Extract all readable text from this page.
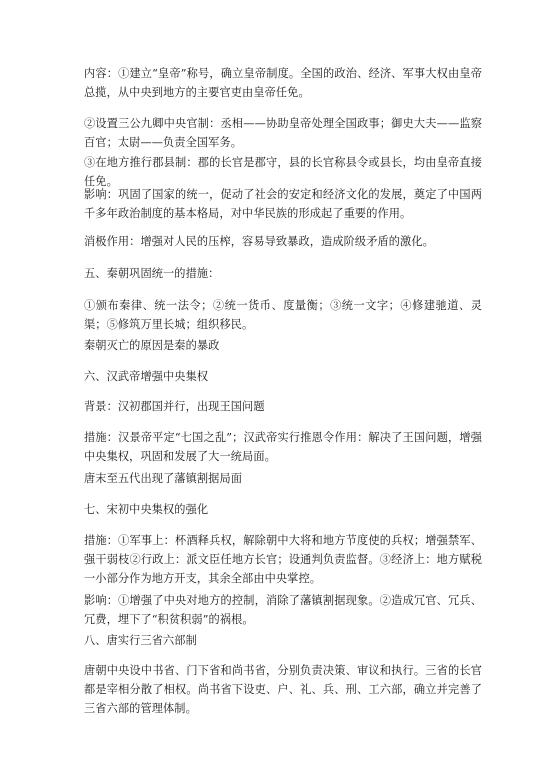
内容：①建立“皇帝”称号，确立皇帝制度。全国的政治、经济、军事大权由皇帝总揽，从中央到地方的主要官吏由皇帝任免。

②设置三公九卿中央官制：丞相——协助皇帝处理全国政事；御史大夫——监察百官；太尉——负责全国军务。

③在地方推行郡县制：郡的长官是郡守，县的长官称县令或县长，均由皇帝直接任免。

影响：巩固了国家的统一，促动了社会的安定和经济文化的发展，奠定了中国两千多年政治制度的基本格局，对中华民族的形成起了重要的作用。

消极作用：增强对人民的压榨，容易导致暴政，造成阶级矛盾的激化。

五、秦朝巩固统一的措施：

①颁布秦律、统一法令；②统一货币、度量衡；③统一文字；④修建驰道、灵渠；⑤修筑万里长城；组织移民。

秦朝灭亡的原因是秦的暴政

六、汉武帝增强中央集权

背景：汉初郡国并行，出现王国问题

措施：汉景帝平定“七国之乱”；汉武帝实行推恩令作用：解决了王国问题，增强中央集权，巩固和发展了大一统局面。

唐末至五代出现了藩镇割据局面

七、宋初中央集权的强化

措施：①军事上：杯酒释兵权，解除朝中大将和地方节度使的兵权；增强禁军、强干弱枝②行政上：派文臣任地方长官；设通判负责监督。③经济上：地方赋税一小部分作为地方开支，其余全部由中央掌控。

影响：①增强了中央对地方的控制，消除了藩镇割据现象。②造成冗官、冗兵、冗费，埋下了“积贫积弱”的祸根。

八、唐实行三省六部制

唐朝中央设中书省、门下省和尚书省，分别负责决策、审议和执行。三省的长官都是宰相分散了相权。尚书省下设吏、户、礼、兵、刑、工六部，确立并完善了三省六部的管理体制。
